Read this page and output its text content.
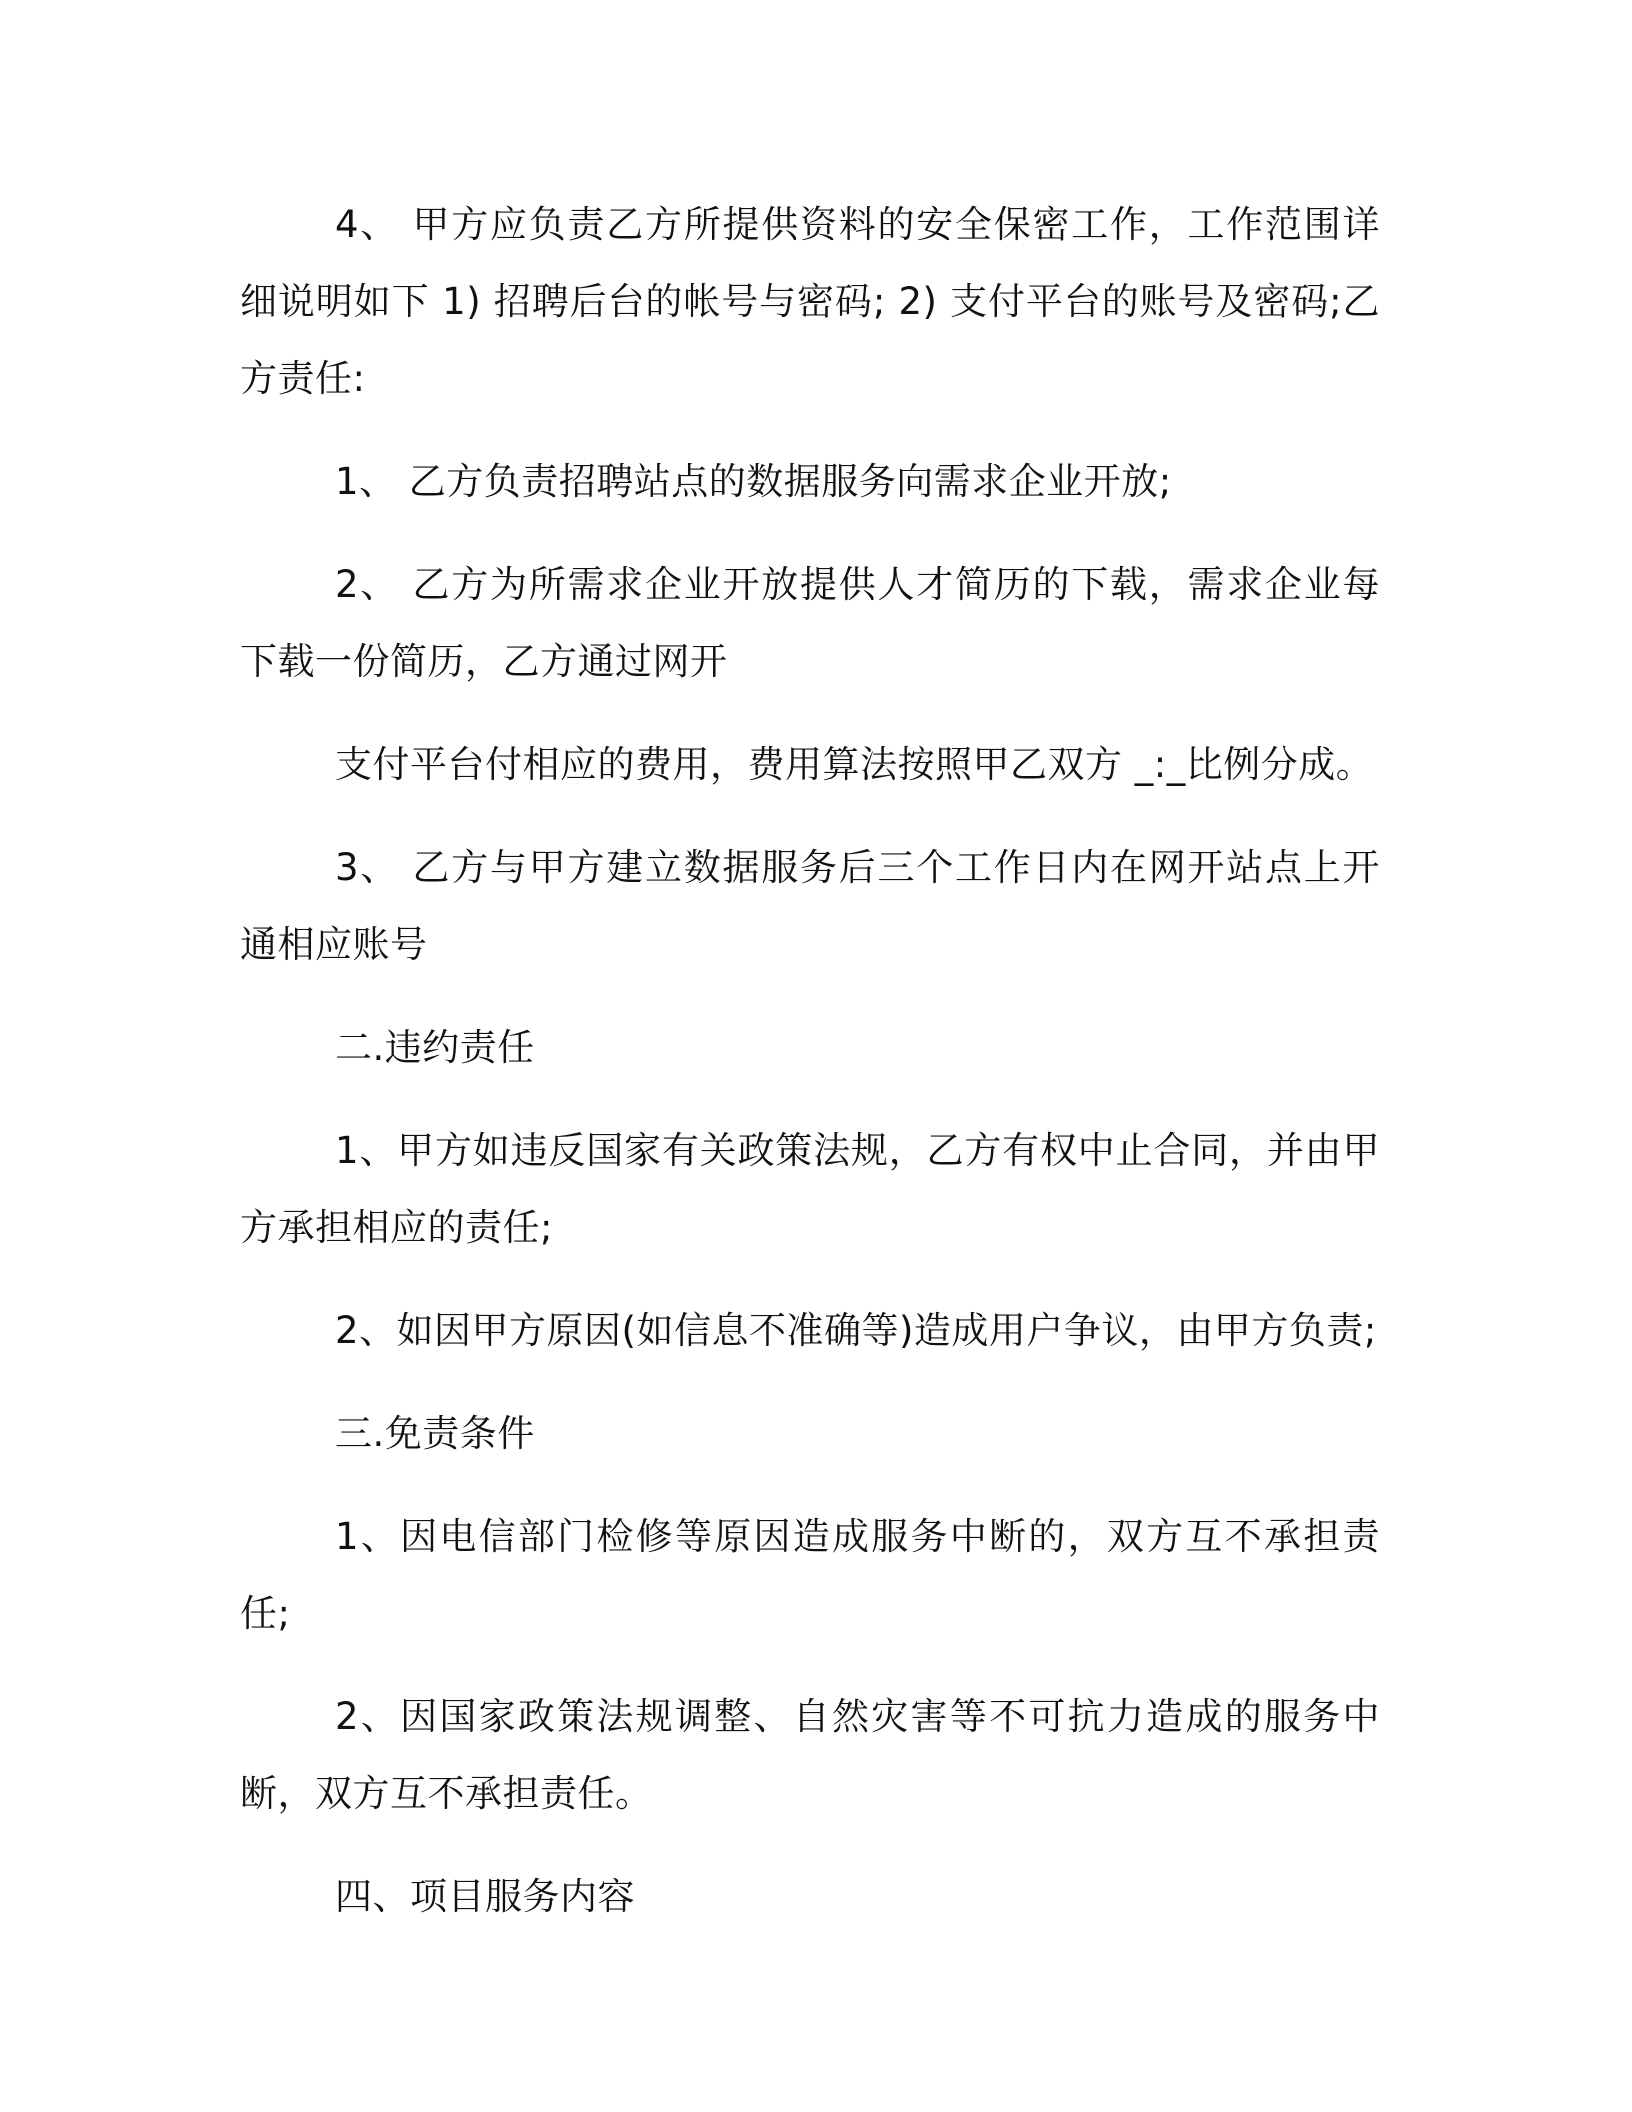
4、 甲方应负责乙方所提供资料的安全保密工作，工作范围详细说明如下 1) 招聘后台的帐号与密码; 2) 支付平台的账号及密码;乙方责任:

1、 乙方负责招聘站点的数据服务向需求企业开放;

2、 乙方为所需求企业开放提供人才简历的下载，需求企业每下载一份简历，乙方通过网开

支付平台付相应的费用，费用算法按照甲乙双方 _:_比例分成。

3、 乙方与甲方建立数据服务后三个工作日内在网开站点上开通相应账号

二.违约责任

1、甲方如违反国家有关政策法规，乙方有权中止合同，并由甲方承担相应的责任;

2、如因甲方原因(如信息不准确等)造成用户争议，由甲方负责;

三.免责条件

1、因电信部门检修等原因造成服务中断的，双方互不承担责任;

2、因国家政策法规调整、自然灾害等不可抗力造成的服务中断，双方互不承担责任。

四、项目服务内容
